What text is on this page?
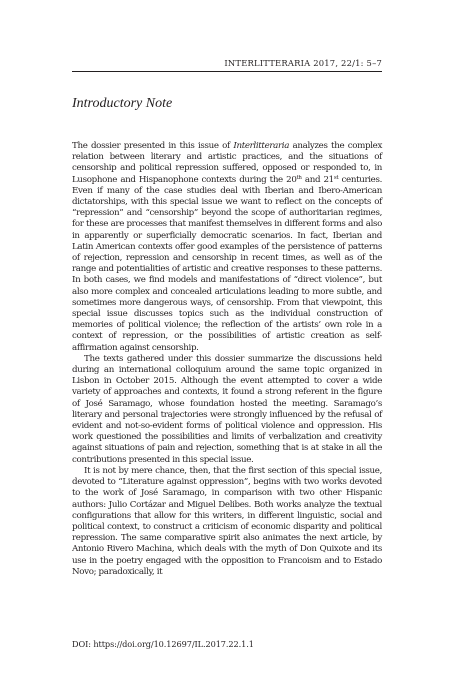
INTERLITTERARIA 2017, 22/1: 5–7
Introductory Note

The dossier presented in this issue of Interlitteraria analyzes the complex relation between literary and artistic practices, and the situations of censorship and political repression suffered, opposed or responded to, in Lusophone and Hispanophone contexts during the 20th and 21st centuries. Even if many of the case studies deal with Iberian and Ibero-American dictatorships, with this special issue we want to reflect on the concepts of “repression” and “censorship” beyond the scope of authoritarian regimes, for these are processes that manifest themselves in different forms and also in apparently or superficially democratic scenarios. In fact, Iberian and Latin American contexts offer good examples of the persistence of patterns of rejection, repression and censorship in recent times, as well as of the range and potentialities of artistic and creative responses to these patterns. In both cases, we find models and manifestations of “direct violence”, but also more complex and concealed articulations leading to more subtle, and sometimes more dangerous ways, of censorship. From that viewpoint, this special issue discusses topics such as the individual construction of memories of political violence; the reflection of the artists’ own role in a context of repression, or the possibilities of artistic creation as self-affirmation against censorship.

The texts gathered under this dossier summarize the discussions held during an international colloquium around the same topic organized in Lisbon in October 2015. Although the event attempted to cover a wide variety of approaches and contexts, it found a strong referent in the figure of José Saramago, whose foundation hosted the meeting. Saramago’s literary and personal trajectories were strongly influenced by the refusal of evident and not-so-evident forms of political violence and oppression. His work questioned the possibilities and limits of verbalization and creativity against situations of pain and rejection, something that is at stake in all the contributions presented in this special issue.

It is not by mere chance, then, that the first section of this special issue, devoted to “Literature against oppression”, begins with two works devoted to the work of José Saramago, in comparison with two other Hispanic authors: Julio Cortázar and Miguel Delibes. Both works analyze the textual configurations that allow for this writers, in different linguistic, social and political context, to construct a criticism of economic disparity and political repression. The same comparative spirit also animates the next article, by Antonio Rivero Machina, which deals with the myth of Don Quixote and its use in the poetry engaged with the opposition to Francoism and to Estado Novo; paradoxically, it

DOI: https://doi.org/10.12697/IL.2017.22.1.1
